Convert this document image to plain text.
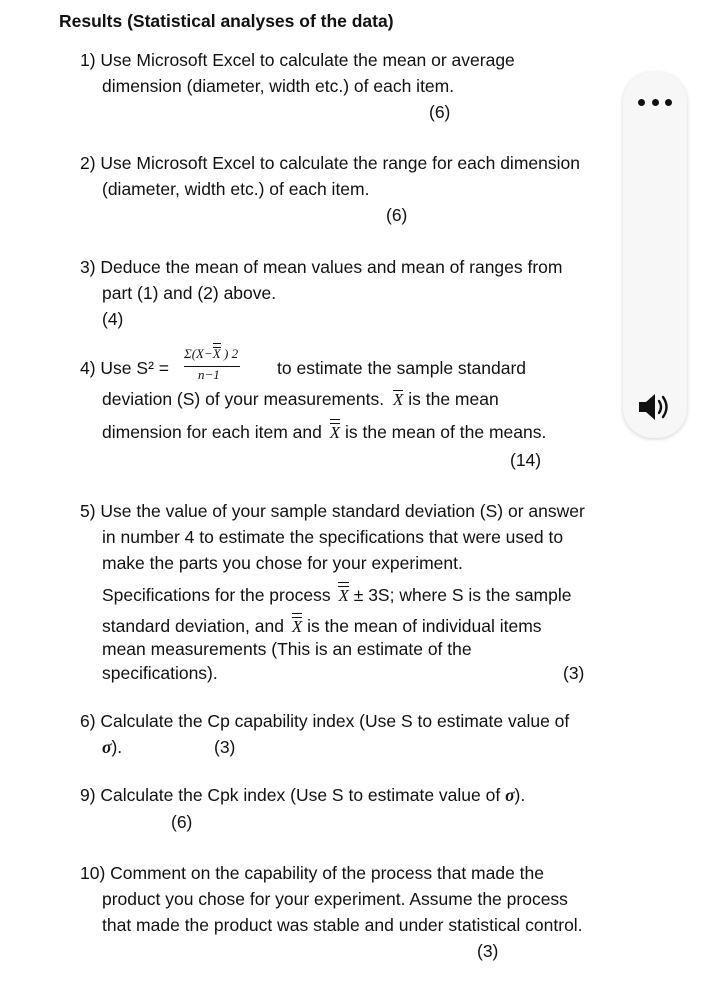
Results (Statistical analyses of the data)
1) Use Microsoft Excel to calculate the mean or average
dimension (diameter, width etc.) of each item.
(6)
2) Use Microsoft Excel to calculate the range for each dimension
(diameter, width etc.) of each item.
(6)
3) Deduce the mean of mean values and mean of ranges from
part (1) and (2) above.
(4)
4) Use S² =
Σ(X−X ) 2
n−1	to estimate the sample standard
deviation (S) of your measurements. X is the mean
dimension for each item and X is the mean of the means.
(14)
5) Use the value of your sample standard deviation (S) or answer
in number 4 to estimate the specifications that were used to
make the parts you chose for your experiment.
Specifications for the process X ± 3S; where S is the sample
standard deviation, and X is the mean of individual items
mean measurements (This is an estimate of the
specifications).	(3)
6) Calculate the Cp capability index (Use S to estimate value of
σ).	(3)
9) Calculate the Cpk index (Use S to estimate value of σ).
(6)
10) Comment on the capability of the process that made the
product you chose for your experiment. Assume the process
that made the product was stable and under statistical control.
(3)
